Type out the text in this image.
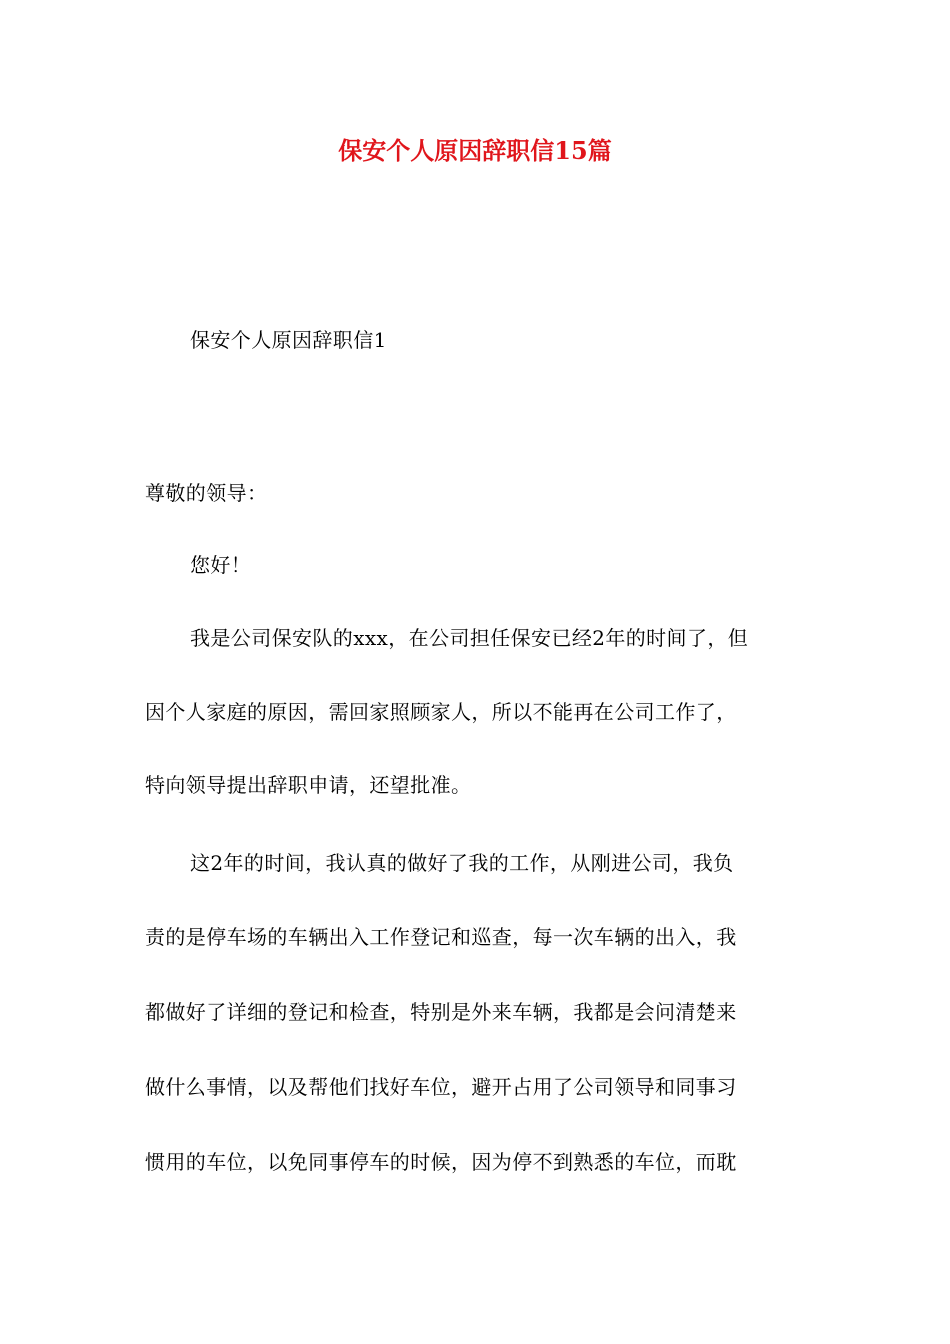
保安个人原因辞职信15篇
保安个人原因辞职信1
尊敬的领导：
您好！
我是公司保安队的xxx，在公司担任保安已经2年的时间了，但
因个人家庭的原因，需回家照顾家人，所以不能再在公司工作了，
特向领导提出辞职申请，还望批准。
这2年的时间，我认真的做好了我的工作，从刚进公司，我负
责的是停车场的车辆出入工作登记和巡查，每一次车辆的出入，我
都做好了详细的登记和检查，特别是外来车辆，我都是会问清楚来
做什么事情，以及帮他们找好车位，避开占用了公司领导和同事习
惯用的车位，以免同事停车的时候，因为停不到熟悉的车位，而耽
